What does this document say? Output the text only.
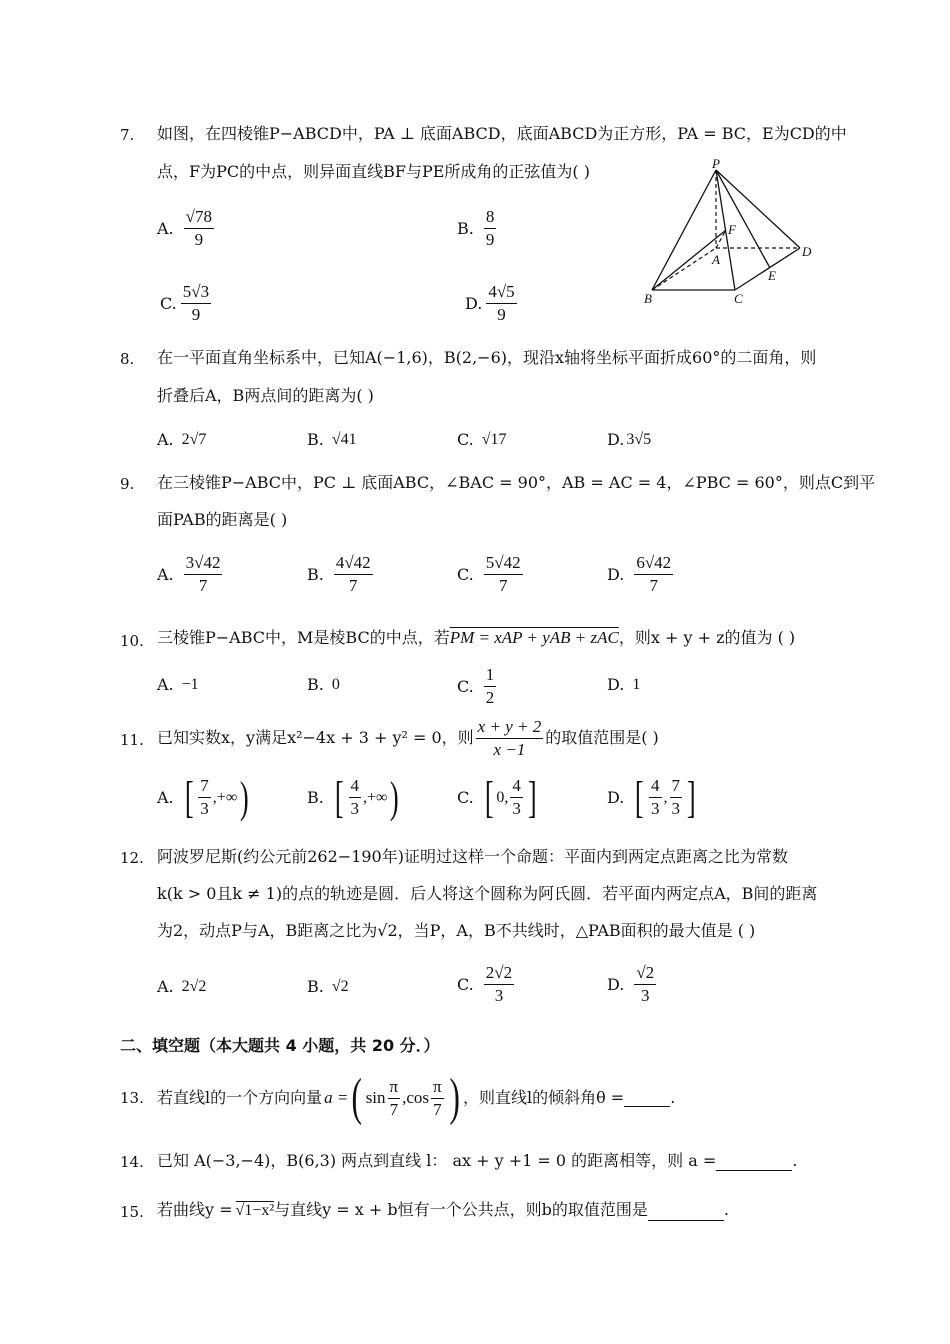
7. 如图，在四棱锥P−ABCD中，PA ⊥ 底面ABCD，底面ABCD为正方形，PA = BC，E为CD的中
点，F为PC的中点，则异面直线BF与PE所成角的正弦值为( )
A. $\frac{√78}{9}$	B. $\frac{8}{9}$
C. $\frac{5√3}{9}$	D. $\frac{4√5}{9}$
P
F
A
D
E
B	C
8. 在一平面直角坐标系中，已知A(−1,6)，B(2,−6)，现沿x轴将坐标平面折成60°的二面角，则
折叠后A，B两点间的距离为( )
A. 2√7	B. √41	C. √17	D. 3√5
9. 在三棱锥P−ABC中，PC ⊥ 底面ABC，∠BAC = 90°，AB = AC = 4，∠PBC = 60°，则点C到平
面PAB的距离是( )
A. $\frac{3√42}{7}$	B. $\frac{4√42}{7}$	C. $\frac{5√42}{7}$	D. $\frac{6√42}{7}$
10. 三棱锥P−ABC中，M是棱BC的中点，若PM = xAP + yAB + zAC，则x + y + z的值为 ( )
A. −1	B. 0	C. $\frac{1}{2}$	D. 1
11. 已知实数x，y满足x²−4x + 3 + y² = 0，则 $\frac{x + y + 2}{x -1}$ 的取值范围是( )
A. [ $\frac{7}{3}$ ,+∞ )	B. [ $\frac{4}{3}$ ,+∞ )	C. [ 0, $\frac{4}{3}$ ]	D. [ $\frac{4}{3}$ , $\frac{7}{3}$ ]
12. 阿波罗尼斯(约公元前262−190年)证明过这样一个命题：平面内到两定点距离之比为常数
k(k > 0且k ≠ 1)的点的轨迹是圆．后人将这个圆称为阿氏圆．若平面内两定点A，B间的距离
为2，动点P与A，B距离之比为√2，当P，A，B不共线时，△PAB面积的最大值是 ( )
A. 2√2	B. √2	C. $\frac{2√2}{3}$	D. $\frac{√2}{3}$
二、填空题（本大题共 4 小题，共 20 分．）
13. 若直线l的一个方向向量 a = ( $\sin \frac{\pi}{7} ,\cos \frac{\pi}{7}$ ) ，则直线l的倾斜角θ =	.
14. 已知 A(−3,−4)，B(6,3) 两点到直线 l： ax + y +1 = 0 的距离相等，则 a =	.
15. 若曲线y = √1−x²与直线y = x + b恒有一个公共点，则b的取值范围是	.
